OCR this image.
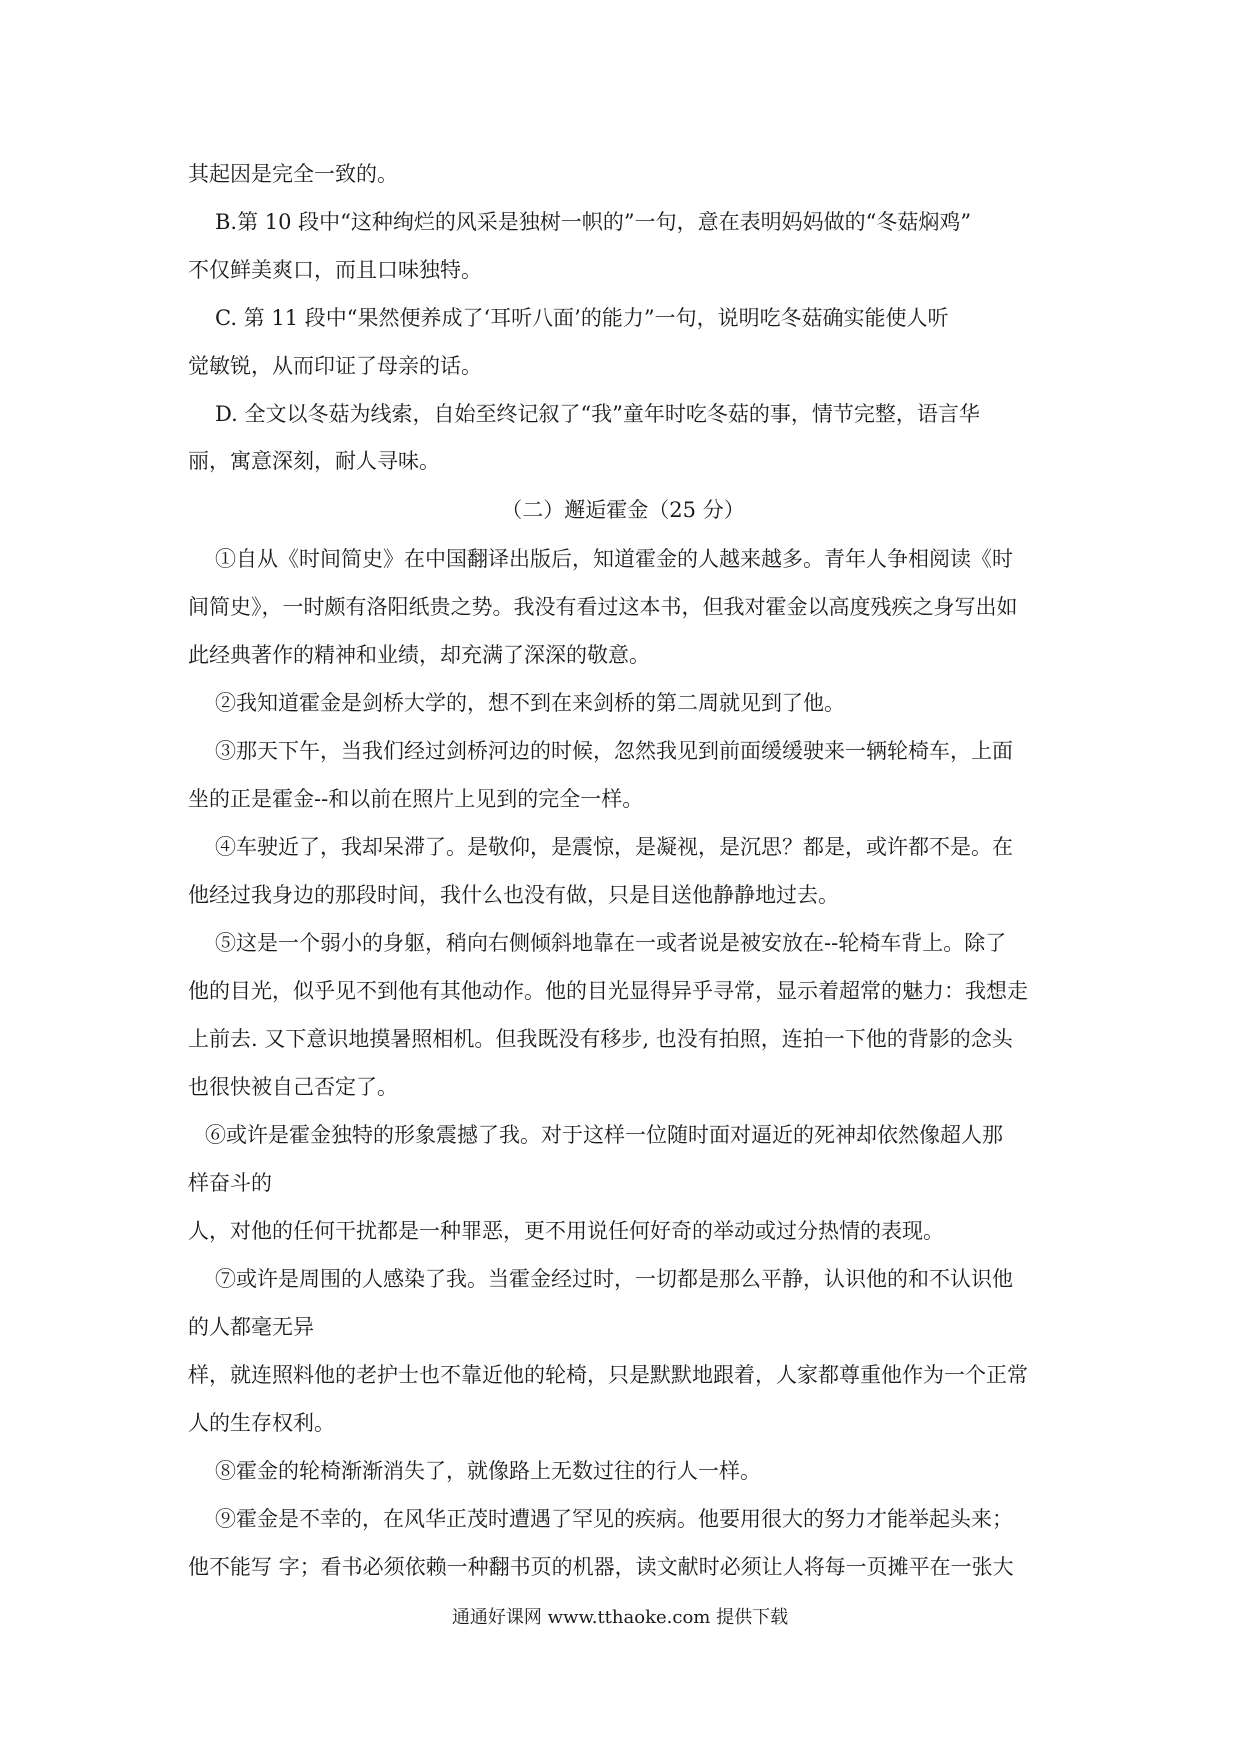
其起因是完全一致的。
B.第 10 段中“这种绚烂的风采是独树一帜的”一句，意在表明妈妈做的“冬菇焖鸡”
不仅鲜美爽口，而且口味独特。
C. 第 11 段中“果然便养成了‘耳听八面’的能力”一句，说明吃冬菇确实能使人听
觉敏锐，从而印证了母亲的话。
D. 全文以冬菇为线索，自始至终记叙了“我”童年时吃冬菇的事，情节完整，语言华
丽，寓意深刻，耐人寻味。
（二）邂逅霍金（25 分）
①自从《时间简史》在中国翻译出版后，知道霍金的人越来越多。青年人争相阅读《时
间简史》，一时颇有洛阳纸贵之势。我没有看过这本书，但我对霍金以高度残疾之身写出如
此经典著作的精神和业绩，却充满了深深的敬意。
②我知道霍金是剑桥大学的，想不到在来剑桥的第二周就见到了他。
③那天下午，当我们经过剑桥河边的时候，忽然我见到前面缓缓驶来一辆轮椅车，上面
坐的正是霍金--和以前在照片上见到的完全一样。
④车驶近了，我却呆滞了。是敬仰，是震惊，是凝视，是沉思？都是，或许都不是。在
他经过我身边的那段时间，我什么也没有做，只是目送他静静地过去。
⑤这是一个弱小的身躯，稍向右侧倾斜地靠在一或者说是被安放在--轮椅车背上。除了
他的目光，似乎见不到他有其他动作。他的目光显得异乎寻常，显示着超常的魅力：我想走
上前去. 又下意识地摸暑照相机。但我既没有移步, 也没有拍照，连拍一下他的背影的念头
也很快被自己否定了。
⑥或许是霍金独特的形象震撼了我。对于这样一位随时面对逼近的死神却依然像超人那
样奋斗的
人，对他的任何干扰都是一种罪恶，更不用说任何好奇的举动或过分热情的表现。
⑦或许是周围的人感染了我。当霍金经过时，一切都是那么平静，认识他的和不认识他
的人都毫无异
样，就连照料他的老护士也不靠近他的轮椅，只是默默地跟着，人家都尊重他作为一个正常
人的生存权利。
⑧霍金的轮椅渐渐消失了，就像路上无数过往的行人一样。
⑨霍金是不幸的，在风华正茂时遭遇了罕见的疾病。他要用很大的努力才能举起头来；
他不能写 字；看书必须依赖一种翻书页的机器，读文献时必须让人将每一页摊平在一张大
通通好课网 www.tthaoke.com 提供下载
